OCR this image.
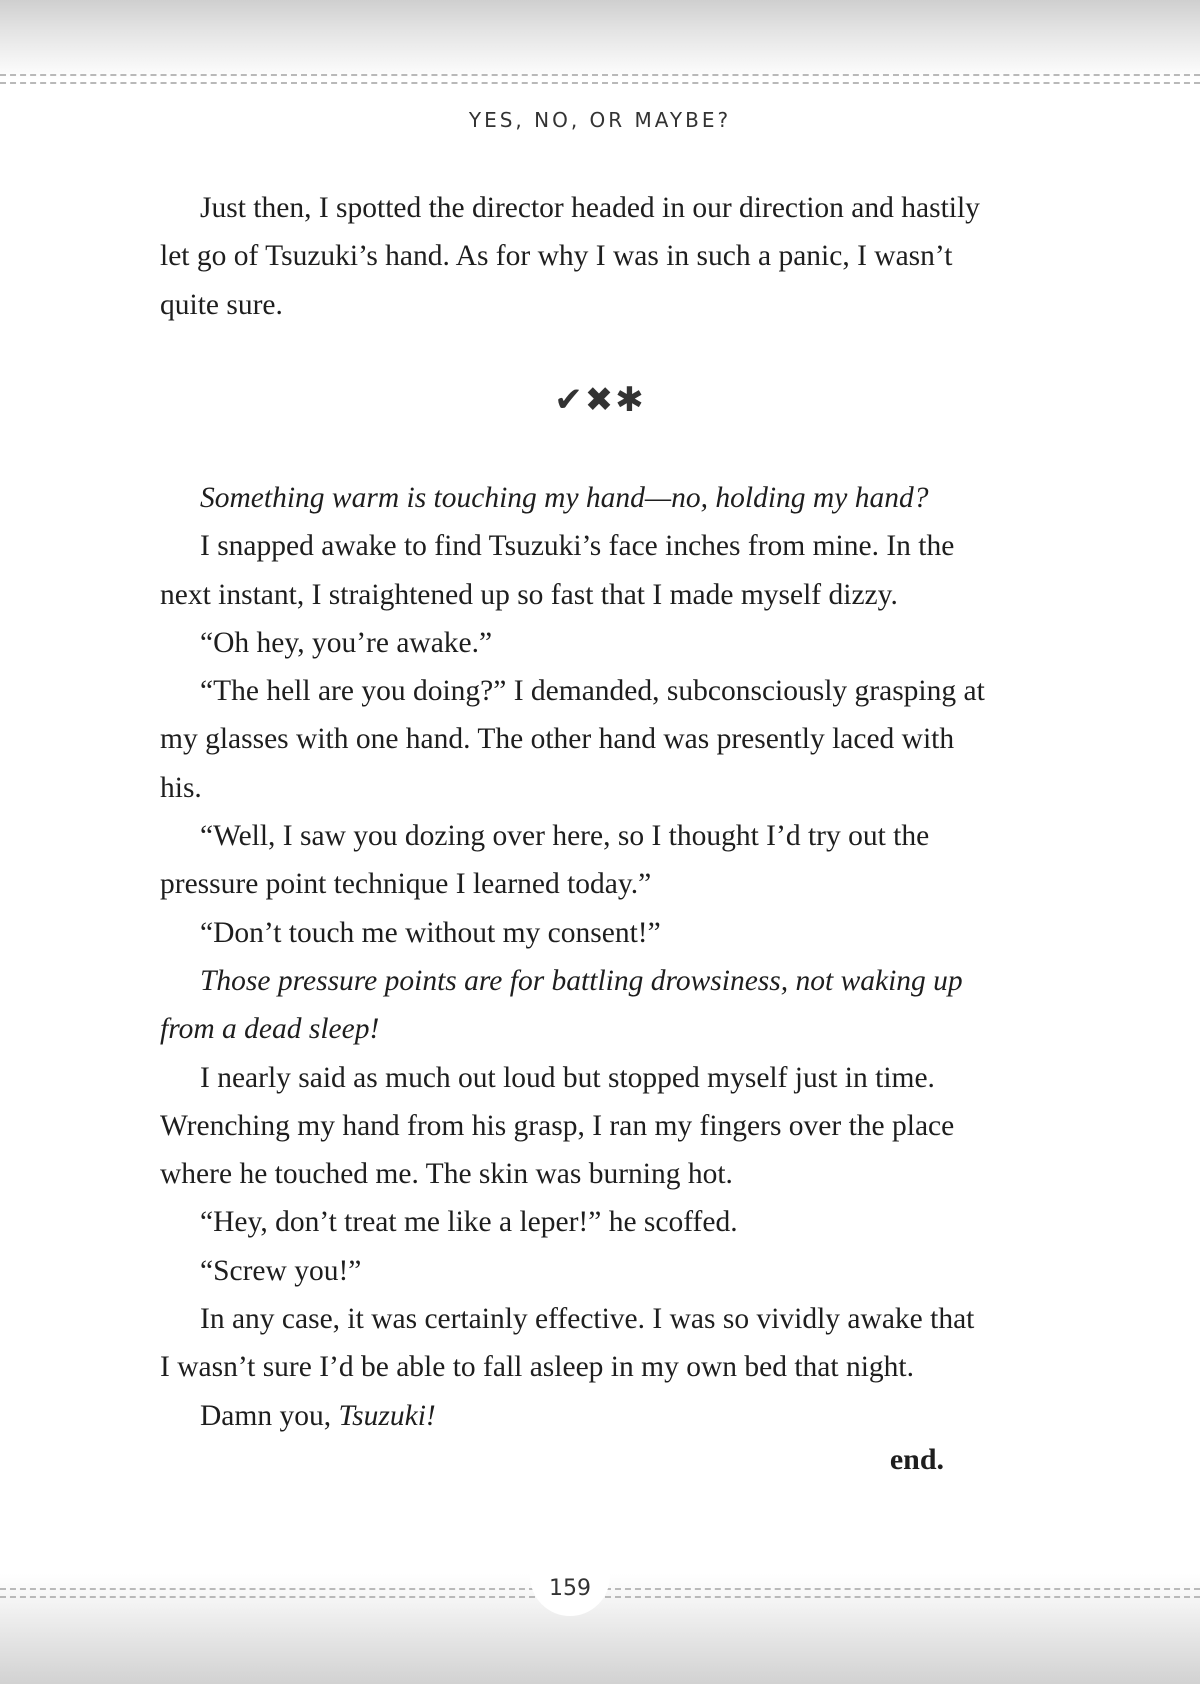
YES, NO, OR MAYBE?

Just then, I spotted the director headed in our direction and hastily let go of Tsuzuki’s hand. As for why I was in such a panic, I wasn’t quite sure.

✔✖✱

Something warm is touching my hand—no, holding my hand?

I snapped awake to find Tsuzuki’s face inches from mine. In the next instant, I straightened up so fast that I made myself dizzy.

“Oh hey, you’re awake.”

“The hell are you doing?” I demanded, subconsciously grasping at my glasses with one hand. The other hand was presently laced with his.

“Well, I saw you dozing over here, so I thought I’d try out the pressure point technique I learned today.”

“Don’t touch me without my consent!”

Those pressure points are for battling drowsiness, not waking up from a dead sleep!

I nearly said as much out loud but stopped myself just in time. Wrenching my hand from his grasp, I ran my fingers over the place where he touched me. The skin was burning hot.

“Hey, don’t treat me like a leper!” he scoffed.

“Screw you!”

In any case, it was certainly effective. I was so vividly awake that I wasn’t sure I’d be able to fall asleep in my own bed that night.

Damn you, Tsuzuki!

end.
159
